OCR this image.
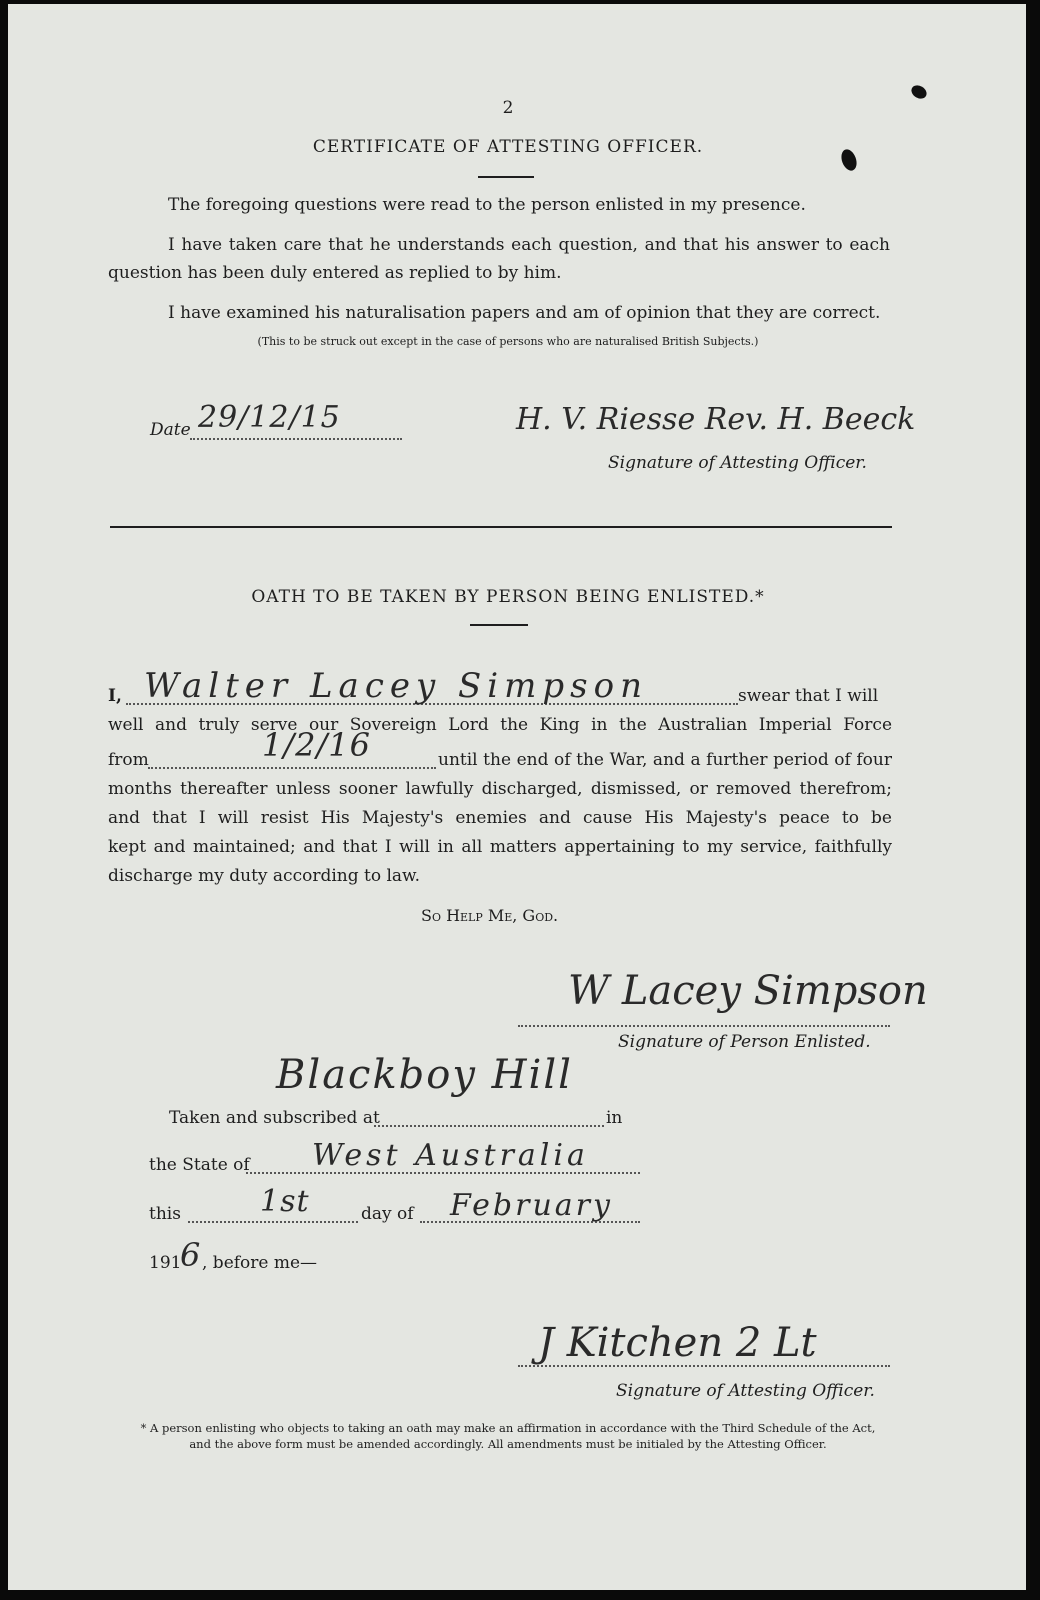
2
CERTIFICATE OF ATTESTING OFFICER.
The foregoing questions were read to the person enlisted in my presence.
I have taken care that he understands each question, and that his answer to each
question has been duly entered as replied to by him.
I have examined his naturalisation papers and am of opinion that they are correct.
(This to be struck out except in the case of persons who are naturalised British Subjects.)
Date 29/12/15	H. V. Riesse Rev. H. Beeck
Signature of Attesting Officer.
OATH TO BE TAKEN BY PERSON BEING ENLISTED.*
I, Walter Lacey Simpson	swear that I will
well and truly serve our Sovereign Lord the King in the Australian Imperial Force
from	1/2/16	until the end of the War, and a further period of four
months thereafter unless sooner lawfully discharged, dismissed, or removed therefrom;
and that I will resist His Majesty's enemies and cause His Majesty's peace to be
kept and maintained; and that I will in all matters appertaining to my service, faithfully
discharge my duty according to law.
So Help Me, God.
W Lacey Simpson
Signature of Person Enlisted.
Blackboy Hill
Taken and subscribed at	in
the State of West Australia
this	1st	day of February
191
6 , before me—
J Kitchen 2 Lt
Signature of Attesting Officer.
* A person enlisting who objects to taking an oath may make an affirmation in accordance with the Third Schedule of the Act,
and the above form must be amended accordingly. All amendments must be initialed by the Attesting Officer.
